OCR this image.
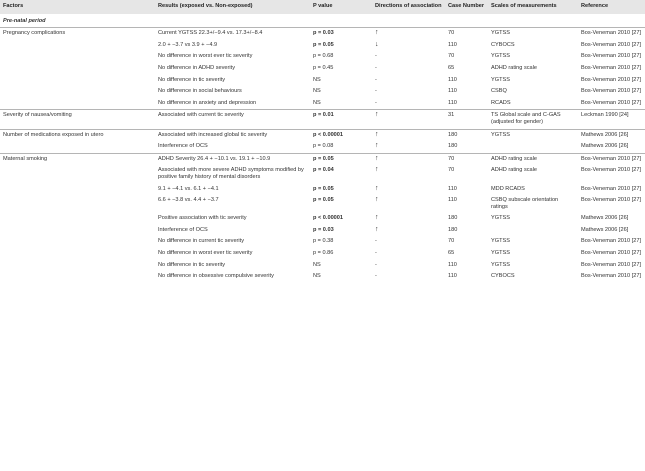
Factors	Results (exposed vs. Non-exposed)	P value	Directions of association	Case Number	Scales of measurements	Reference
Pre-natal period						
Pregnancy complications	Current YGTSS 22.3+/−9.4 vs. 17.3+/−8.4	p = 0.03	↑	70	YGTSS	Bos-Veneman 2010 [27]
	2.0 + −3.7 vs 3.9 + −4.9	p = 0.05	↓	110	CYBOCS	Bos-Veneman 2010 [27]
	No difference in worst ever tic severity	p = 0.68	-	70	YGTSS	Bos-Veneman 2010 [27]
	No difference in ADHD severity	p = 0.45	-	65	ADHD rating scale	Bos-Veneman 2010 [27]
	No difference in tic severity	NS	-	110	YGTSS	Bos-Veneman 2010 [27]
	No difference in social behaviours	NS	-	110	CSBQ	Bos-Veneman 2010 [27]
	No difference in anxiety and depression	NS	-	110	RCADS	Bos-Veneman 2010 [27]
Severity of nausea/vomiting	Associated with current tic severity	p = 0.01	↑	31	TS Global scale and C-GAS (adjusted for gender)	Leckman 1990 [24]
Number of medications exposed in utero	Associated with increased global tic severity	p < 0.00001	↑	180	YGTSS	Mathews 2006 [26]
	Interference of OCS	p = 0.08	↑	180		Mathews 2006 [26]
Maternal smoking	ADHD Severity 26.4 + −10.1 vs. 19.1 + −10.9	p = 0.05	↑	70	ADHD rating scale	Bos-Veneman 2010 [27]
	Associated with more severe ADHD symptoms modified by positive family history of mental disorders	p = 0.04	↑	70	ADHD rating scale	Bos-Veneman 2010 [27]
	9.1 + −4.1 vs. 6.1 + −4.1	p = 0.05	↑	110	MDD RCADS	Bos-Veneman 2010 [27]
	6.6 + −3.8 vs. 4.4 + −3.7	p = 0.05	↑	110	CSBQ subscale orientation ratings	Bos-Veneman 2010 [27]
	Positive association with tic severity	p < 0.00001	↑	180	YGTSS	Mathews 2006 [26]
	Interference of OCS	p = 0.03	↑	180		Mathews 2006 [26]
	No difference in current tic severity	p = 0.38	-	70	YGTSS	Bos-Veneman 2010 [27]
	No difference in worst ever tic severity	p = 0.86	-	65	YGTSS	Bos-Veneman 2010 [27]
	No difference in tic severity	NS	-	110	YGTSS	Bos-Veneman 2010 [27]
	No difference in obsessive compulsive severity	NS	-	110	CYBOCS	Bos-Veneman 2010 [27]
